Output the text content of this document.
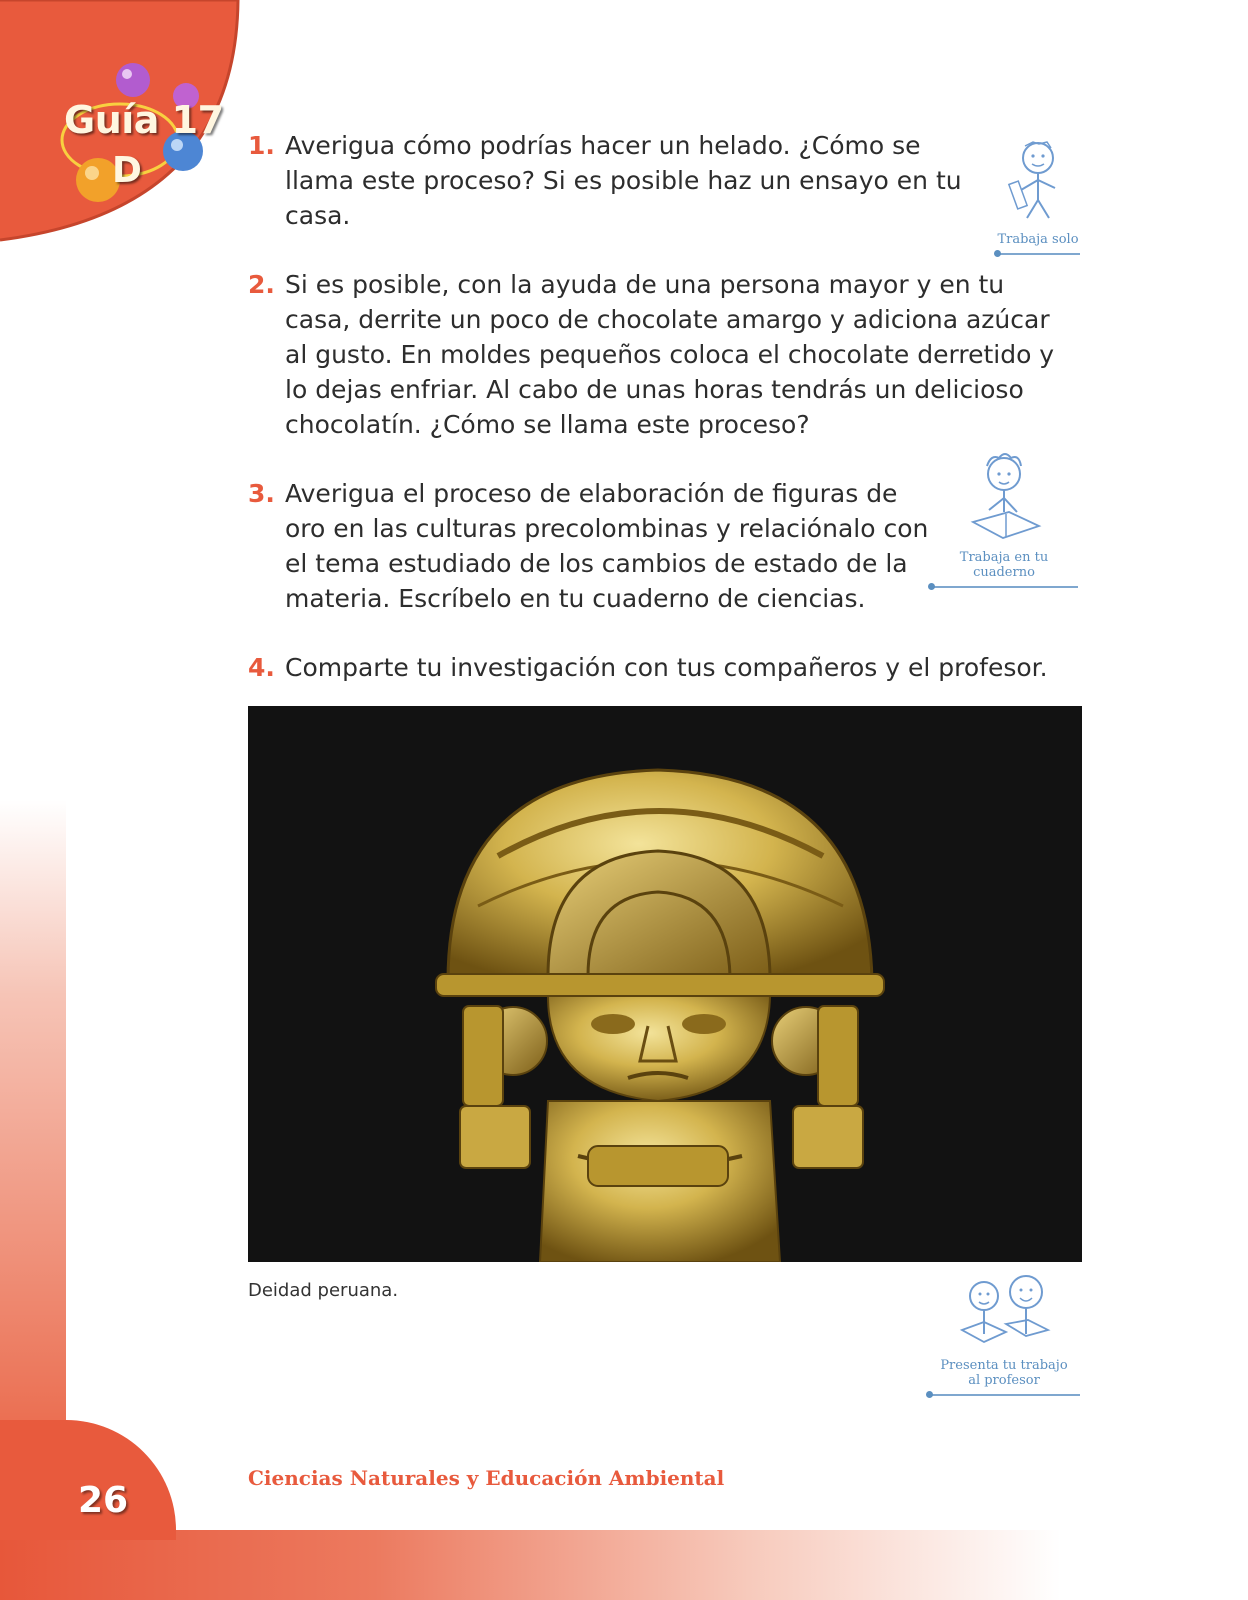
Guía 17
D
26
1. Averigua cómo podrías hacer un helado. ¿Cómo se llama este proceso? Si es posible haz un ensayo en tu casa.
2. Si es posible, con la ayuda de una persona mayor y en tu casa, derrite un poco de chocolate amargo y adiciona azúcar al gusto. En moldes pequeños coloca el chocolate derretido y lo dejas enfriar. Al cabo de unas horas tendrás un delicioso chocolatín. ¿Cómo se llama este proceso?
3. Averigua el proceso de elaboración de figuras de oro en las culturas precolombinas y relaciónalo con el tema estudiado de los cambios de estado de la materia. Escríbelo en tu cuaderno de ciencias.
4. Comparte tu investigación con tus compañeros y el profesor.
Trabaja solo
Trabaja en tu cuaderno
Deidad peruana.
Presenta tu trabajo
al profesor
Ciencias Naturales y Educación Ambiental
